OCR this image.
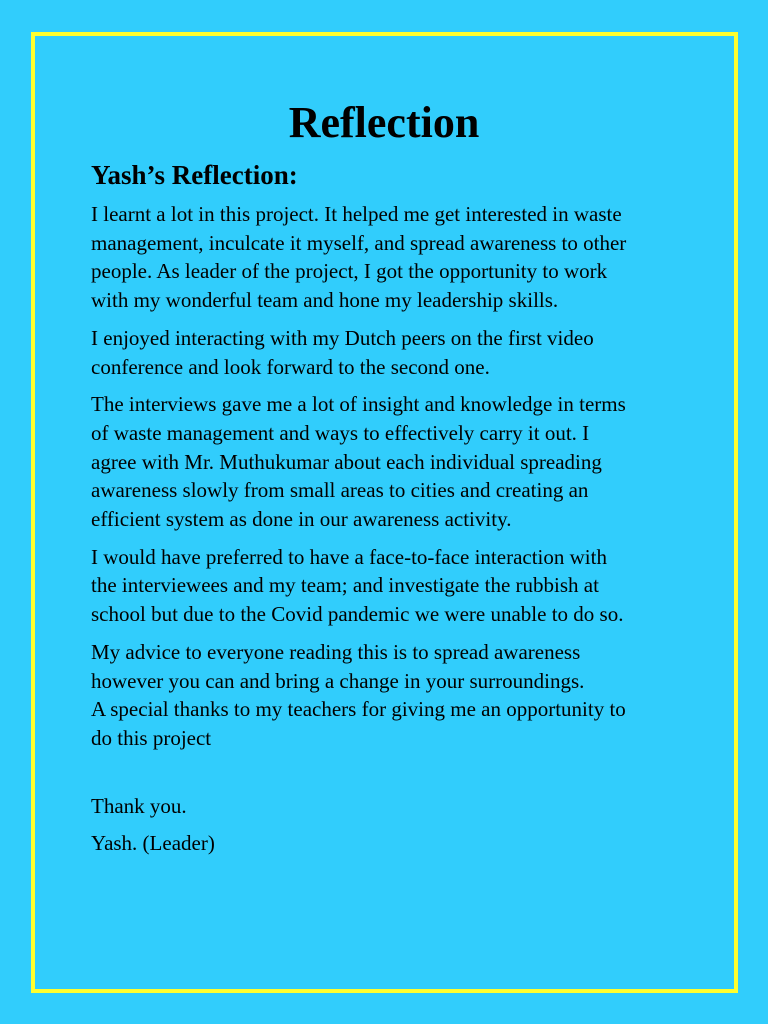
Reflection
Yash’s Reflection:
I learnt a lot in this project. It helped me get interested in waste
management, inculcate it myself, and spread awareness to other
people. As leader of the project, I got the opportunity to work
with my wonderful team and hone my leadership skills.
I enjoyed interacting with my Dutch peers on the first video
conference and look forward to the second one.
The interviews gave me a lot of insight and knowledge in terms
of waste management and ways to effectively carry it out. I
agree with Mr. Muthukumar about each individual spreading
awareness slowly from small areas to cities and creating an
efficient system as done in our awareness activity.
I would have preferred to have a face-to-face interaction with
the interviewees and my team; and investigate the rubbish at
school but due to the Covid pandemic we were unable to do so.
My advice to everyone reading this is to spread awareness
however you can and bring a change in your surroundings.
A special thanks to my teachers for giving me an opportunity to
do this project
Thank you.
Yash. (Leader)
